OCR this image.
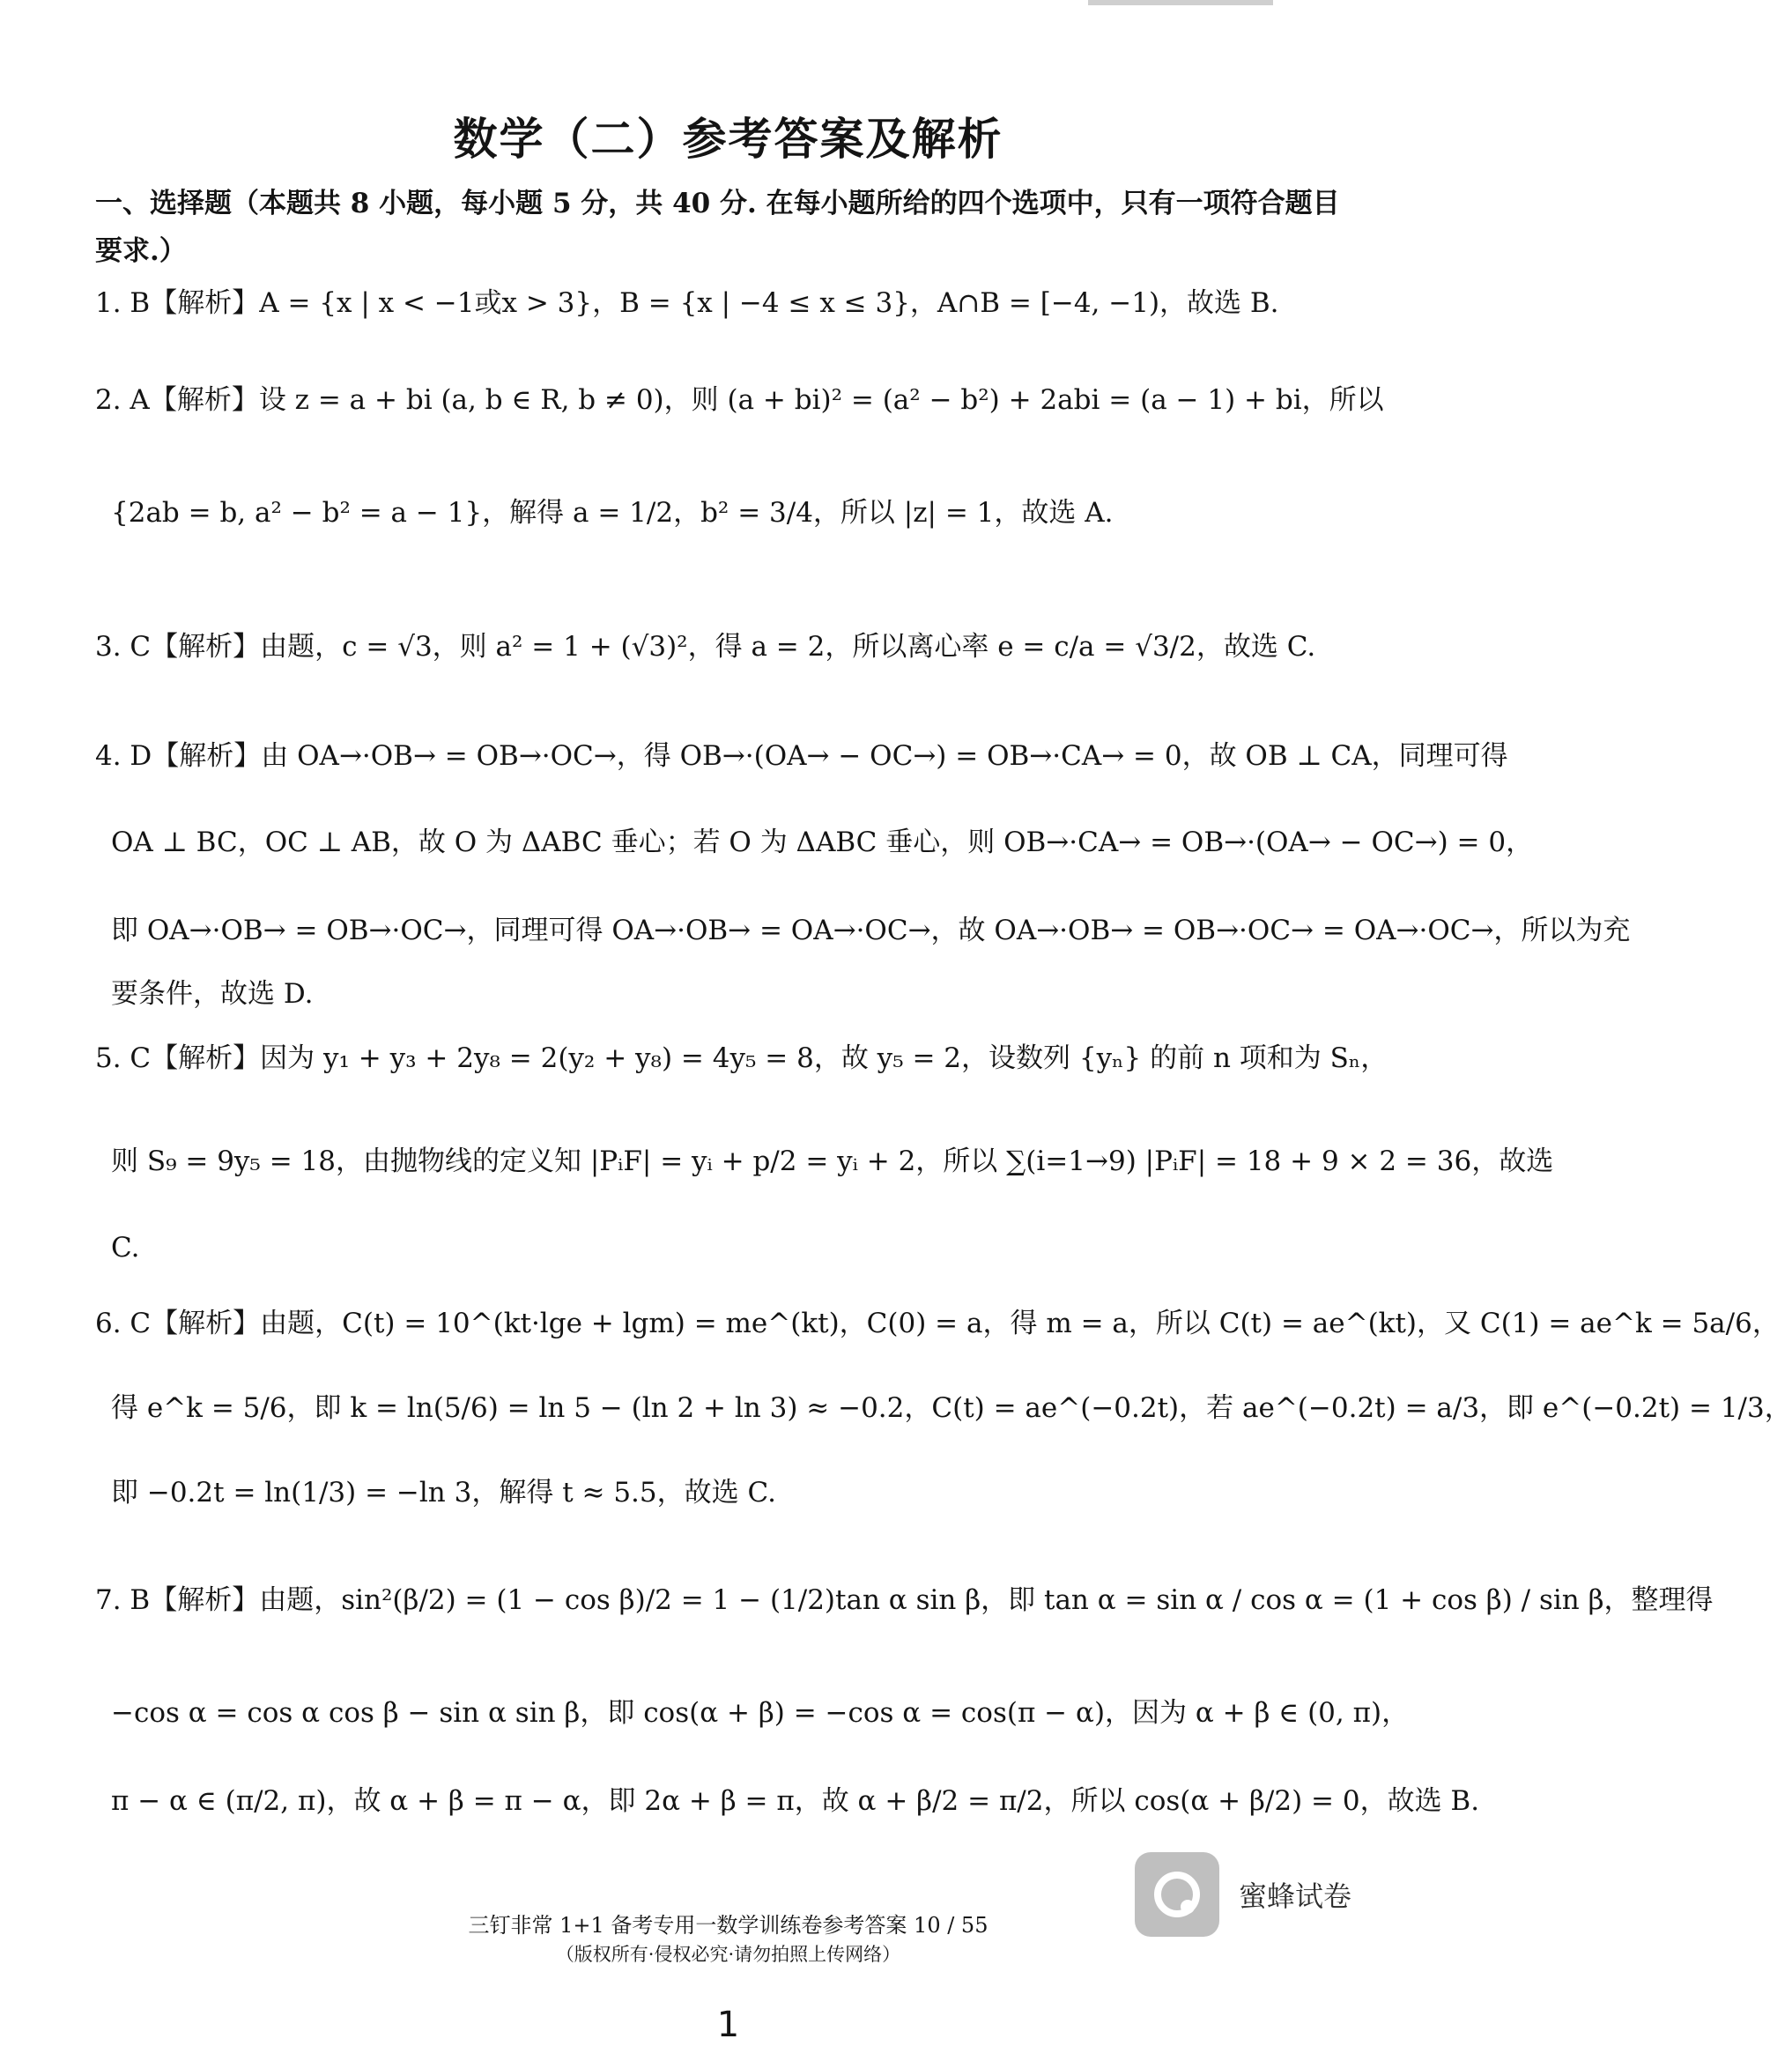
数学（二）参考答案及解析
一、选择题（本题共 8 小题，每小题 5 分，共 40 分. 在每小题所给的四个选项中，只有一项符合题目要求.）
1. B【解析】A = {x | x < −1或x > 3}，B = {x | −4 ≤ x ≤ 3}，A∩B = [−4, −1)，故选 B.
2. A【解析】设 z = a + bi (a, b ∈ R, b ≠ 0)，则 (a + bi)² = (a² − b²) + 2abi = (a − 1) + bi，所以
{2ab = b, a² − b² = a − 1}，解得 a = 1/2，b² = 3/4，所以 |z| = 1，故选 A.
3. C【解析】由题，c = √3，则 a² = 1 + (√3)²，得 a = 2，所以离心率 e = c/a = √3/2，故选 C.
4. D【解析】由 OA→·OB→ = OB→·OC→，得 OB→·(OA→ − OC→) = OB→·CA→ = 0，故 OB ⊥ CA，同理可得
OA ⊥ BC，OC ⊥ AB，故 O 为 ΔABC 垂心；若 O 为 ΔABC 垂心，则 OB→·CA→ = OB→·(OA→ − OC→) = 0，
即 OA→·OB→ = OB→·OC→，同理可得 OA→·OB→ = OA→·OC→，故 OA→·OB→ = OB→·OC→ = OA→·OC→，所以为充
要条件，故选 D.
5. C【解析】因为 y₁ + y₃ + 2y₈ = 2(y₂ + y₈) = 4y₅ = 8，故 y₅ = 2，设数列 {yₙ} 的前 n 项和为 Sₙ，
则 S₉ = 9y₅ = 18，由抛物线的定义知 |PᵢF| = yᵢ + p/2 = yᵢ + 2，所以 ∑(i=1→9) |PᵢF| = 18 + 9 × 2 = 36，故选
C.
6. C【解析】由题，C(t) = 10^(kt·lge + lgm) = me^(kt)，C(0) = a，得 m = a，所以 C(t) = ae^(kt)，又 C(1) = ae^k = 5a/6，
得 e^k = 5/6，即 k = ln(5/6) = ln 5 − (ln 2 + ln 3) ≈ −0.2，C(t) = ae^(−0.2t)，若 ae^(−0.2t) = a/3，即 e^(−0.2t) = 1/3，
即 −0.2t = ln(1/3) = −ln 3，解得 t ≈ 5.5，故选 C.
7. B【解析】由题，sin²(β/2) = (1 − cos β)/2 = 1 − (1/2)tan α sin β，即 tan α = sin α / cos α = (1 + cos β) / sin β，整理得
−cos α = cos α cos β − sin α sin β，即 cos(α + β) = −cos α = cos(π − α)，因为 α + β ∈ (0, π)，
π − α ∈ (π/2, π)，故 α + β = π − α，即 2α + β = π，故 α + β/2 = π/2，所以 cos(α + β/2) = 0，故选 B.
蜜蜂试卷
三钉非常 1+1 备考专用一数学训练卷参考答案 10 / 55
（版权所有·侵权必究·请勿拍照上传网络）
1
